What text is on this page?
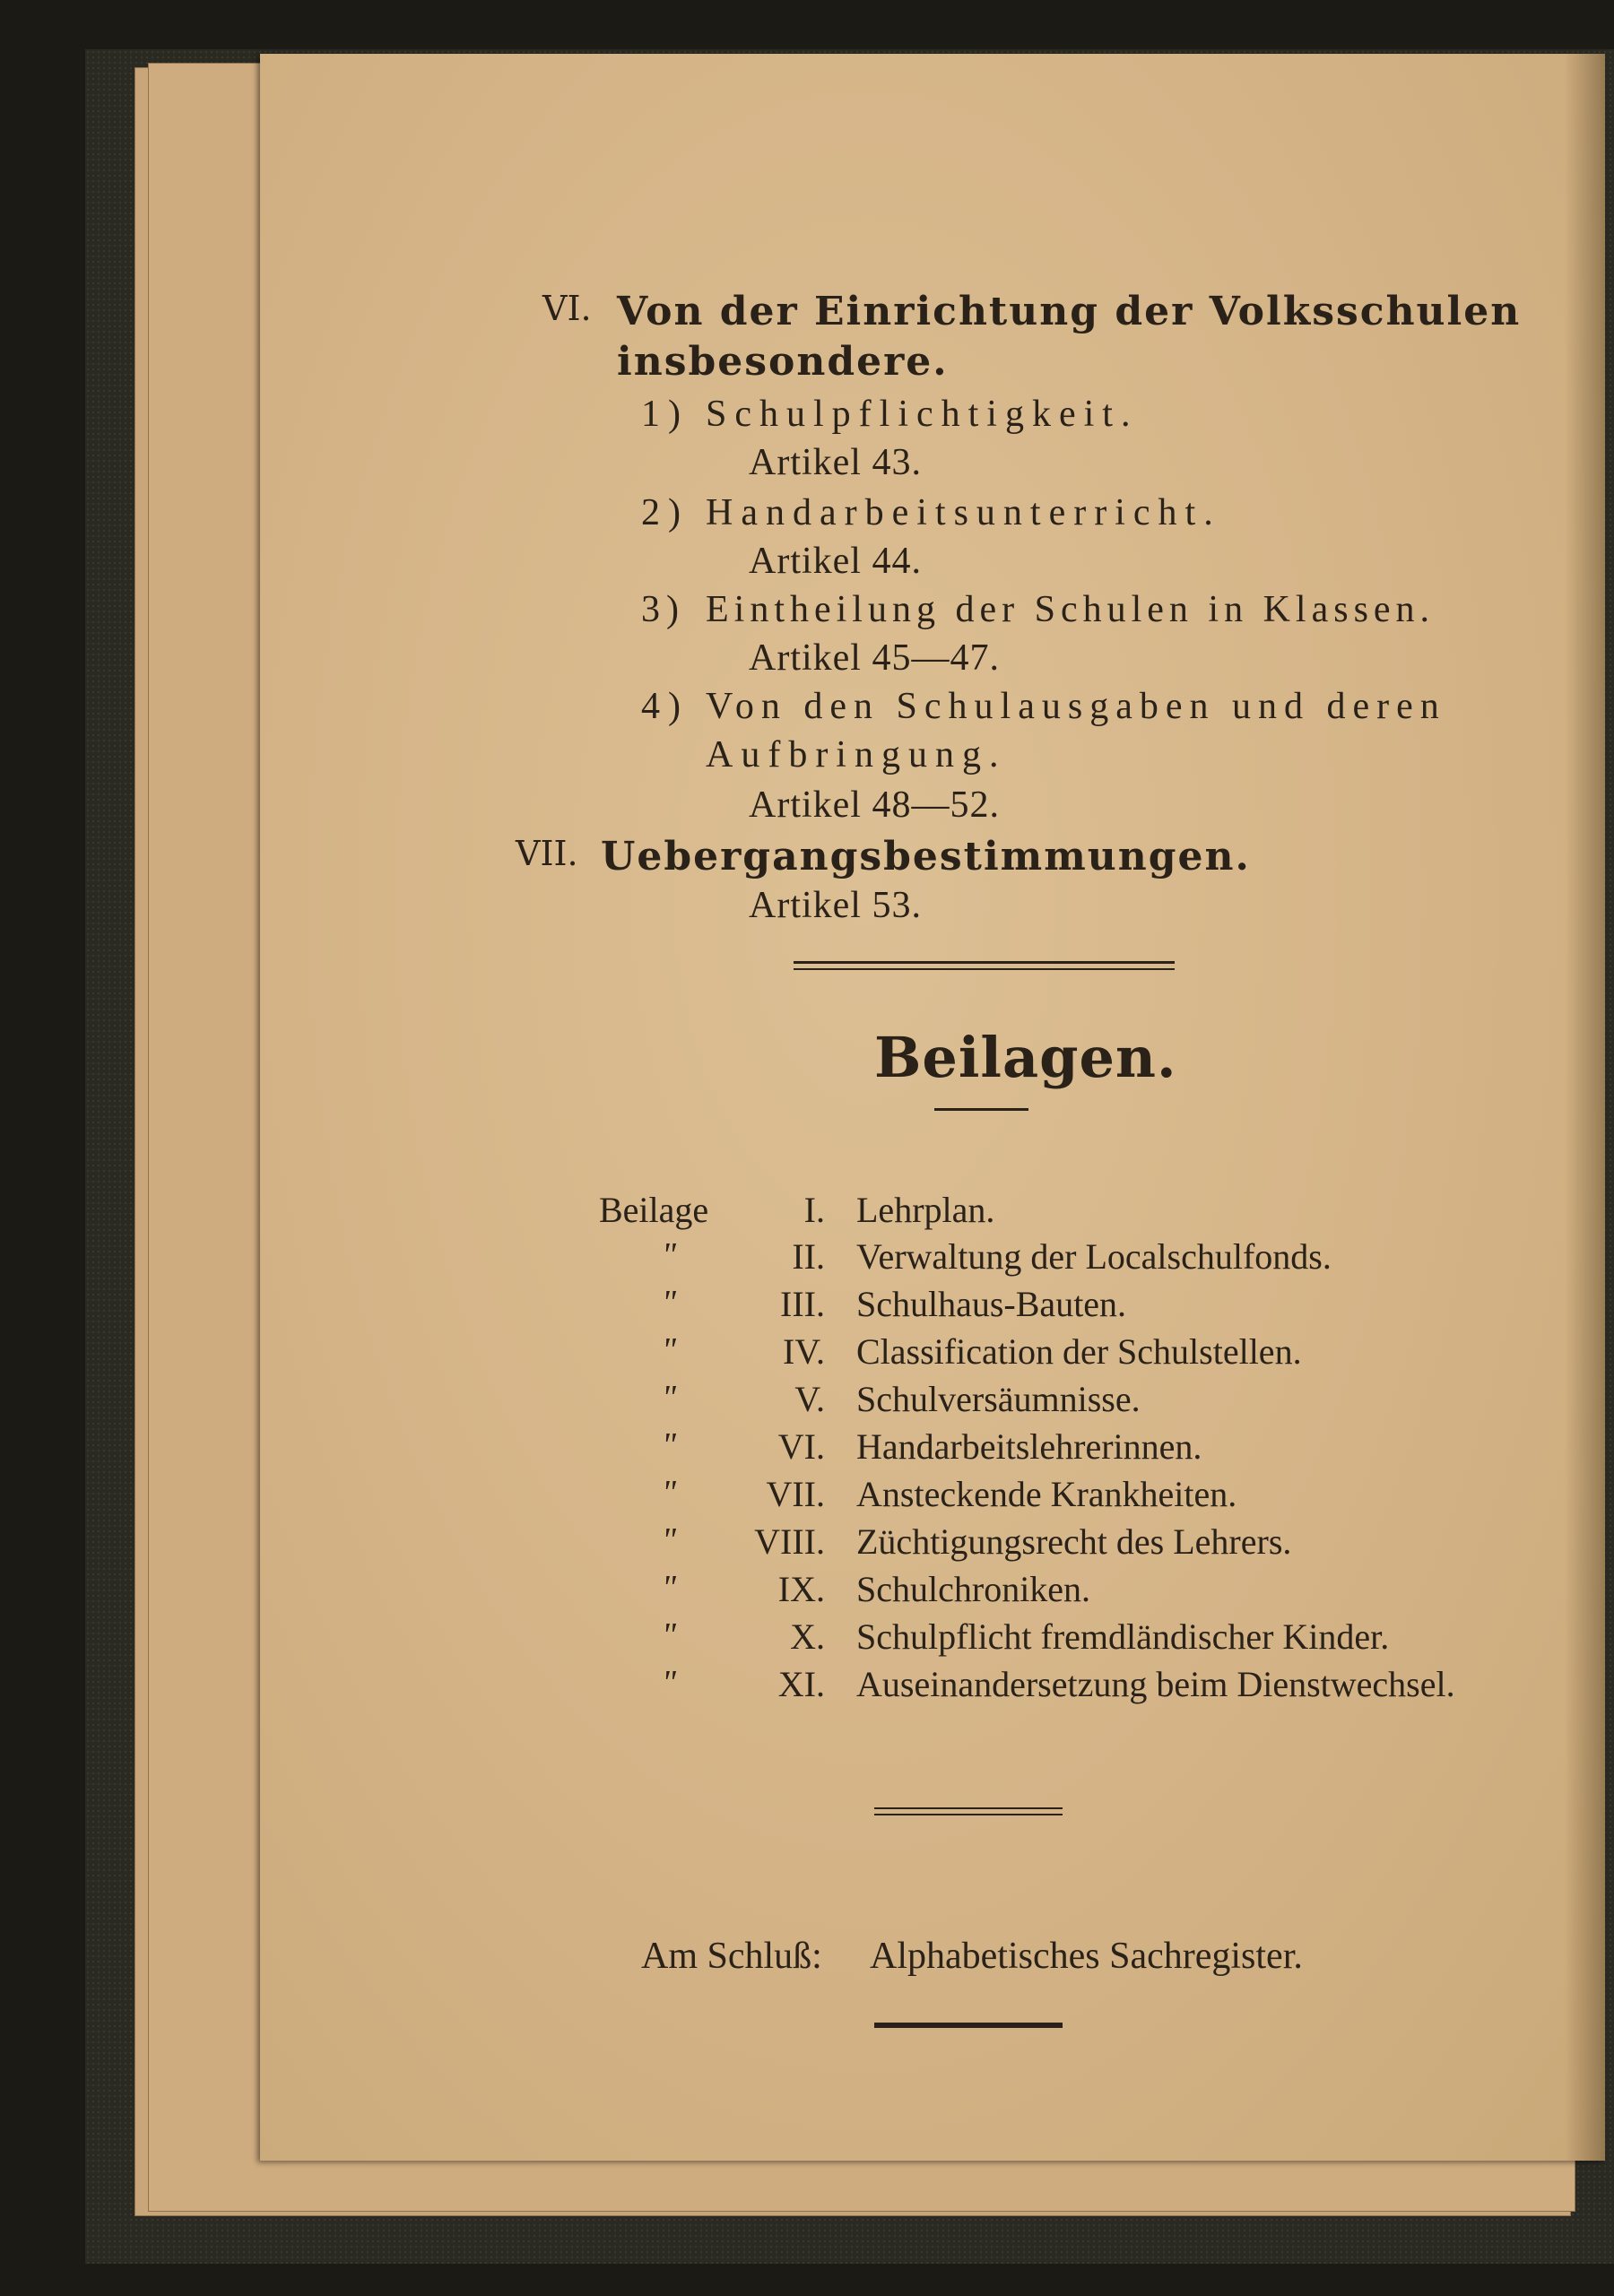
VI. Von der Einrichtung der Volksschulen
insbesondere.
1) Schulpflichtigkeit.
Artikel 43.
2) Handarbeitsunterricht.
Artikel 44.
3) Eintheilung der Schulen in Klassen.
Artikel 45—47.
4) Von den Schulausgaben und deren
Aufbringung.
Artikel 48—52.
VII. Uebergangsbestimmungen.
Artikel 53.
Beilagen.
Beilage
"
"
"
"
"
"
"
"
"
"
I. Lehrplan.
II. Verwaltung der Localschulfonds.
III. Schulhaus-Bauten.
IV. Classification der Schulstellen.
V. Schulversäumnisse.
VI. Handarbeitslehrerinnen.
VII. Ansteckende Krankheiten.
VIII. Züchtigungsrecht des Lehrers.
IX. Schulchroniken.
X. Schulpflicht fremdländischer Kinder.
XI. Auseinandersetzung beim Dienstwechsel.
Am Schluß: Alphabetisches Sachregister.
